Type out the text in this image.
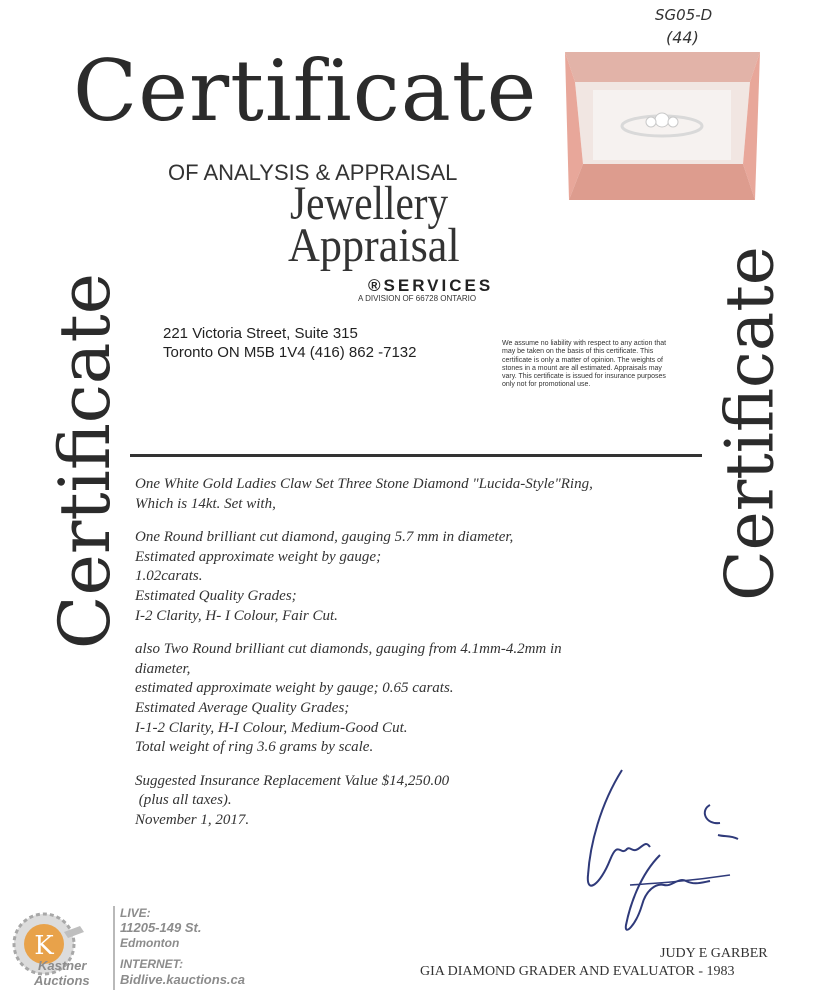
Certificate
Certificate	Certificate
SG05-D
(44)
OF ANALYSIS & APPRAISAL
Jewellery
Appraisal
®SERVICES
A DIVISION OF 66728 ONTARIO
221 Victoria Street, Suite 315
Toronto ON M5B 1V4 (416) 862 -7132
We assume no liability with respect to any action that may be taken on the basis of this certificate. This certificate is only a matter of opinion. The weights of stones in a mount are all estimated. Appraisals may vary. This certificate is issued for insurance purposes only not for promotional use.

One White Gold Ladies Claw Set Three Stone Diamond "Lucida-Style"Ring,

Which is 14kt. Set with,

One Round brilliant cut diamond, gauging 5.7 mm in diameter,

Estimated approximate weight by gauge;

1.02carats.

Estimated Quality Grades;

I-2 Clarity, H- I Colour, Fair Cut.

also Two Round brilliant cut diamonds, gauging from 4.1mm-4.2mm in

diameter,

estimated approximate weight by gauge; 0.65 carats.

Estimated Average Quality Grades;

I-1-2 Clarity, H-I Colour, Medium-Good Cut.

Total weight of ring 3.6 grams by scale.

Suggested Insurance Replacement Value $14,250.00

(plus all taxes).

November 1, 2017.

JUDY E GARBER
GIA DIAMOND GRADER AND EVALUATOR - 1983
K
Kastner
Auctions
LIVE:
11205-149 St.
Edmonton
INTERNET:
Bidlive.kauctions.ca
